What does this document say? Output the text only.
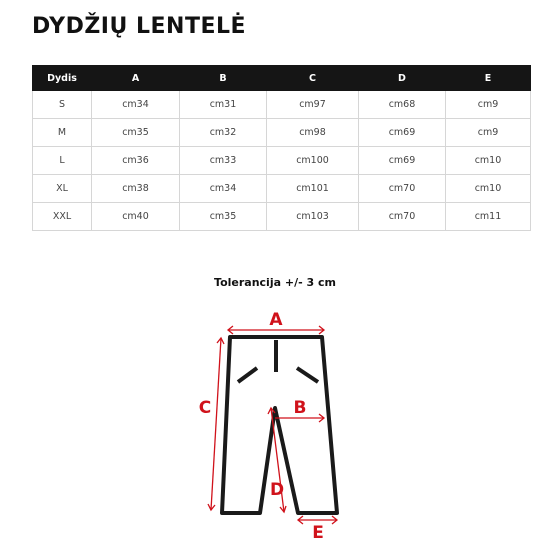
DYDŽIŲ LENTELĖ
Dydis	A	B	C	D	E
S	cm34	cm31	cm97	cm68	cm9
M	cm35	cm32	cm98	cm69	cm9
L	cm36	cm33	cm100	cm69	cm10
XL	cm38	cm34	cm101	cm70	cm10
XXL	cm40	cm35	cm103	cm70	cm11
Tolerancija +/- 3 cm
A
B
C
D
E
